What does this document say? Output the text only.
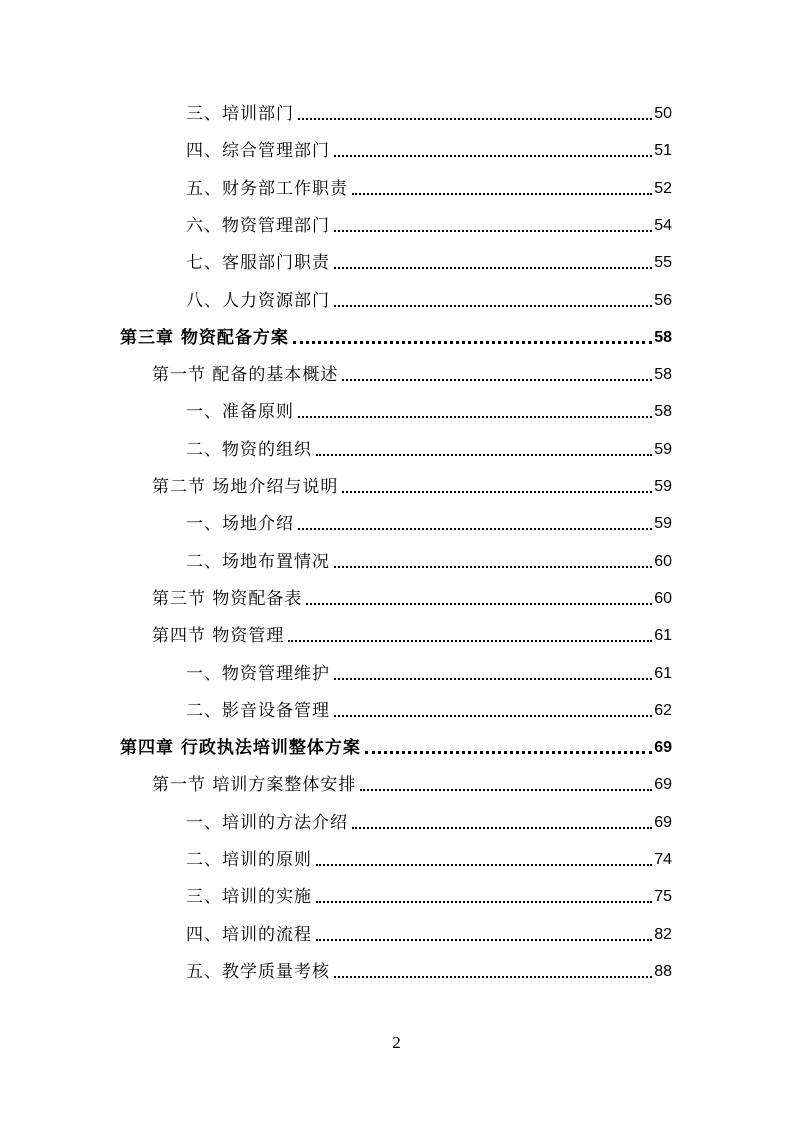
三、培训部门	50
四、综合管理部门	51
五、财务部工作职责	52
六、物资管理部门	54
七、客服部门职责	55
八、人力资源部门	56
第三章 物资配备方案	58
第一节 配备的基本概述	58
一、准备原则	58
二、物资的组织	59
第二节 场地介绍与说明	59
一、场地介绍	59
二、场地布置情况	60
第三节 物资配备表	60
第四节 物资管理	61
一、物资管理维护	61
二、影音设备管理	62
第四章 行政执法培训整体方案	69
第一节 培训方案整体安排	69
一、培训的方法介绍	69
二、培训的原则	74
三、培训的实施	75
四、培训的流程	82
五、教学质量考核	88
2
